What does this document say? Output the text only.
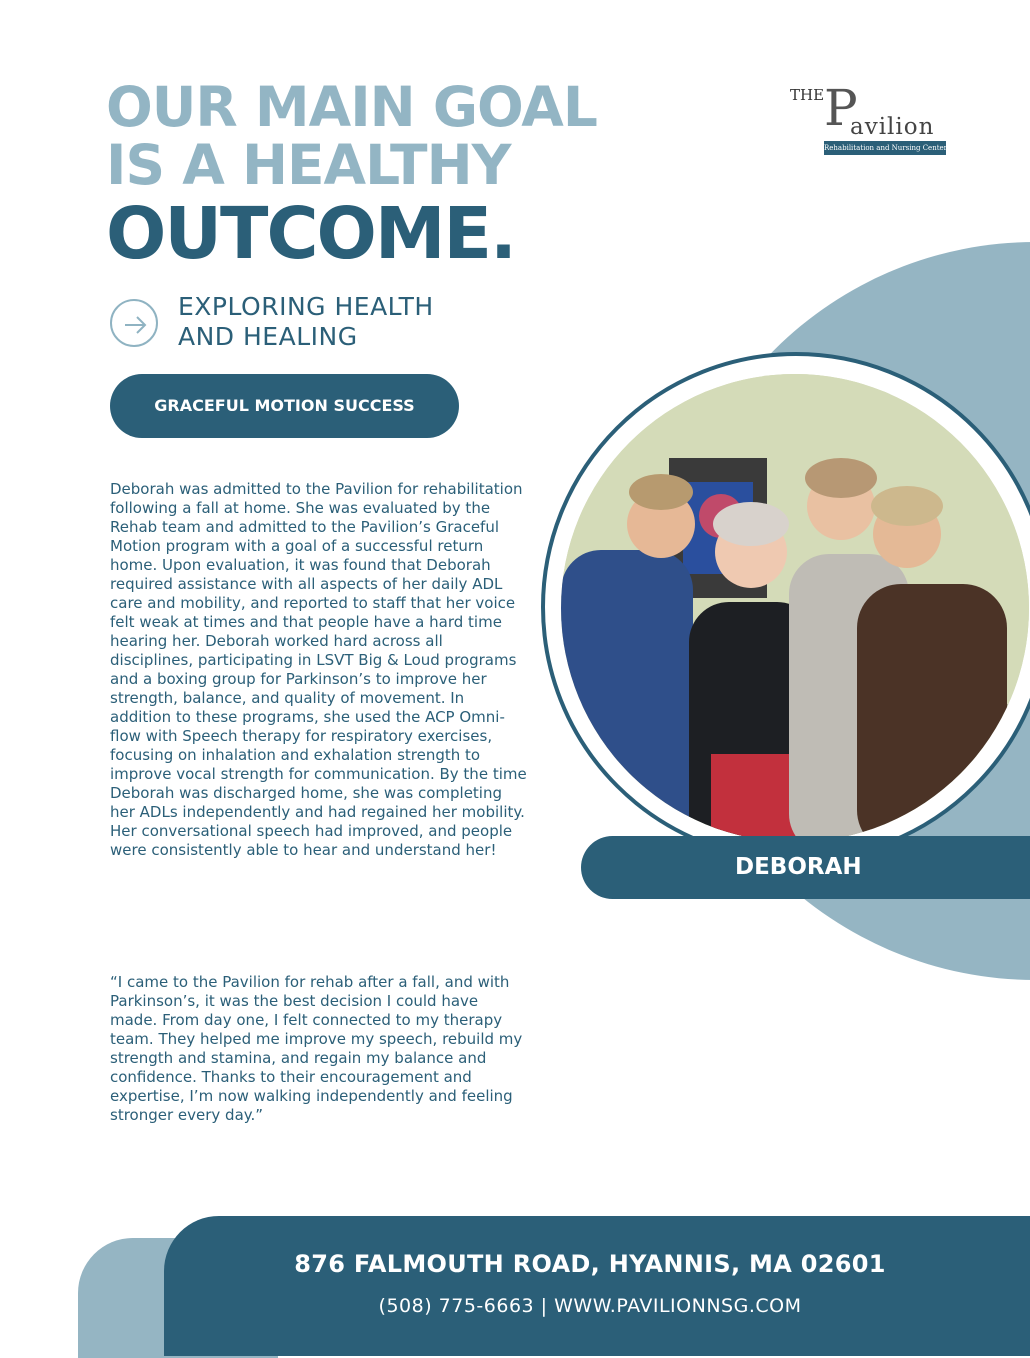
OUR MAIN GOAL
IS A HEALTHY
OUTCOME.
THE P
avilion
Rehabilitation and Nursing Center
EXPLORING HEALTH
AND HEALING
GRACEFUL MOTION SUCCESS
Deborah was admitted to the Pavilion for rehabilitation following a fall at home. She was evaluated by the Rehab team and admitted to the Pavilion’s Graceful Motion program with a goal of a successful return home. Upon evaluation, it was found that Deborah required assistance with all aspects of her daily ADL care and mobility, and reported to staff that her voice felt weak at times and that people have a hard time hearing her. Deborah worked hard across all disciplines, participating in LSVT Big & Loud programs and a boxing group for Parkinson’s to improve her strength, balance, and quality of movement. In addition to these programs, she used the ACP Omni-flow with Speech therapy for respiratory exercises, focusing on inhalation and exhalation strength to improve vocal strength for communication. By the time Deborah was discharged home, she was completing her ADLs independently and had regained her mobility. Her conversational speech had improved, and people were consistently able to hear and understand her!
“I came to the Pavilion for rehab after a fall, and with Parkinson’s, it was the best decision I could have made. From day one, I felt connected to my therapy team. They helped me improve my speech, rebuild my strength and stamina, and regain my balance and confidence. Thanks to their encouragement and expertise, I’m now walking independently and feeling stronger every day.”
DEBORAH
876 FALMOUTH ROAD, HYANNIS, MA 02601
(508) 775-6663 | WWW.PAVILIONNSG.COM
